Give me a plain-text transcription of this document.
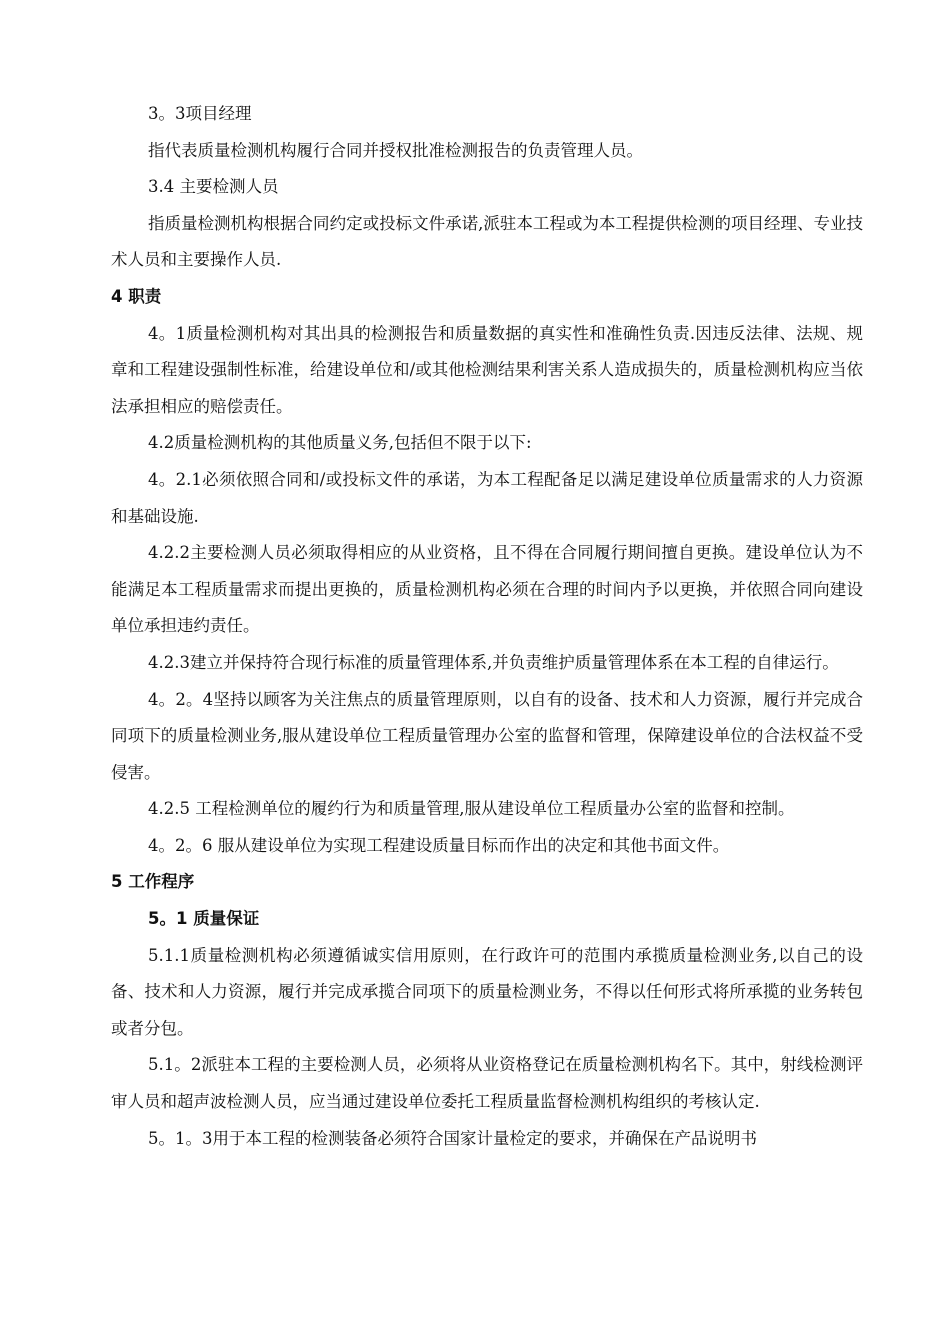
3。3项目经理

指代表质量检测机构履行合同并授权批准检测报告的负责管理人员。

3.4 主要检测人员

指质量检测机构根据合同约定或投标文件承诺,派驻本工程或为本工程提供检测的项目经理、专业技术人员和主要操作人员.

4 职责

4。1质量检测机构对其出具的检测报告和质量数据的真实性和准确性负责.因违反法律、法规、规章和工程建设强制性标准，给建设单位和/或其他检测结果利害关系人造成损失的，质量检测机构应当依法承担相应的赔偿责任。

4.2质量检测机构的其他质量义务,包括但不限于以下:

4。2.1必须依照合同和/或投标文件的承诺，为本工程配备足以满足建设单位质量需求的人力资源和基础设施.

4.2.2主要检测人员必须取得相应的从业资格，且不得在合同履行期间擅自更换。建设单位认为不能满足本工程质量需求而提出更换的，质量检测机构必须在合理的时间内予以更换，并依照合同向建设单位承担违约责任。

4.2.3建立并保持符合现行标准的质量管理体系,并负责维护质量管理体系在本工程的自律运行。

4。2。4坚持以顾客为关注焦点的质量管理原则，以自有的设备、技术和人力资源，履行并完成合同项下的质量检测业务,服从建设单位工程质量管理办公室的监督和管理，保障建设单位的合法权益不受侵害。

4.2.5 工程检测单位的履约行为和质量管理,服从建设单位工程质量办公室的监督和控制。

4。2。6 服从建设单位为实现工程建设质量目标而作出的决定和其他书面文件。

5 工作程序

5。1 质量保证

5.1.1质量检测机构必须遵循诚实信用原则，在行政许可的范围内承揽质量检测业务,以自己的设备、技术和人力资源，履行并完成承揽合同项下的质量检测业务，不得以任何形式将所承揽的业务转包或者分包。

5.1。2派驻本工程的主要检测人员，必须将从业资格登记在质量检测机构名下。其中，射线检测评审人员和超声波检测人员，应当通过建设单位委托工程质量监督检测机构组织的考核认定.

5。1。3用于本工程的检测装备必须符合国家计量检定的要求，并确保在产品说明书
